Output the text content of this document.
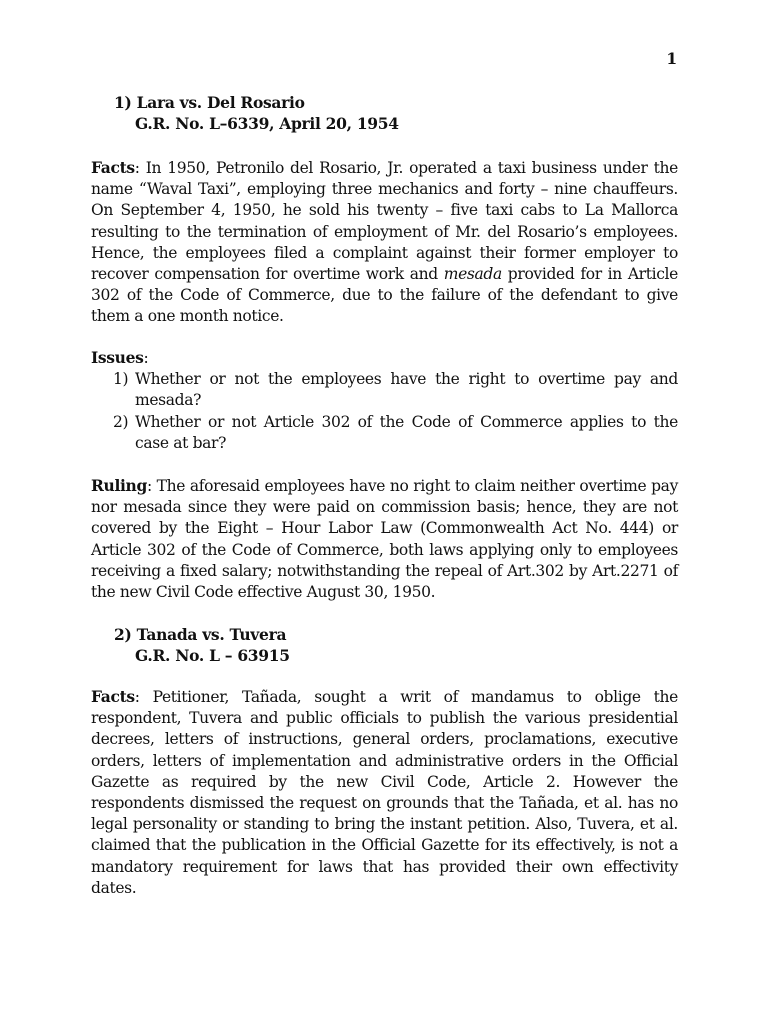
1
1) Lara vs. Del Rosario
G.R. No. L–6339, April 20, 1954

Facts: In 1950, Petronilo del Rosario, Jr. operated a taxi business under the name “Waval Taxi”, employing three mechanics and forty – nine chauffeurs. On September 4, 1950, he sold his twenty – five taxi cabs to La Mallorca resulting to the termination of employment of Mr. del Rosario’s employees. Hence, the employees filed a complaint against their former employer to recover compensation for overtime work and mesada provided for in Article 302 of the Code of Commerce, due to the failure of the defendant to give them a one month notice.

Issues:
1) Whether or not the employees have the right to overtime pay and mesada?
2) Whether or not Article 302 of the Code of Commerce applies to the case at bar?

Ruling: The aforesaid employees have no right to claim neither overtime pay nor mesada since they were paid on commission basis; hence, they are not covered by the Eight – Hour Labor Law (Commonwealth Act No. 444) or Article 302 of the Code of Commerce, both laws applying only to employees receiving a fixed salary; notwithstanding the repeal of Art.302 by Art.2271 of the new Civil Code effective August 30, 1950.

2) Tanada vs. Tuvera
G.R. No. L – 63915

Facts: Petitioner, Tañada, sought a writ of mandamus to oblige the respondent, Tuvera and public officials to publish the various presidential decrees, letters of instructions, general orders, proclamations, executive orders, letters of implementation and administrative orders in the Official Gazette as required by the new Civil Code, Article 2. However the respondents dismissed the request on grounds that the Tañada, et al. has no legal personality or standing to bring the instant petition. Also, Tuvera, et al. claimed that the publication in the Official Gazette for its effectively, is not a mandatory requirement for laws that has provided their own effectivity dates.
